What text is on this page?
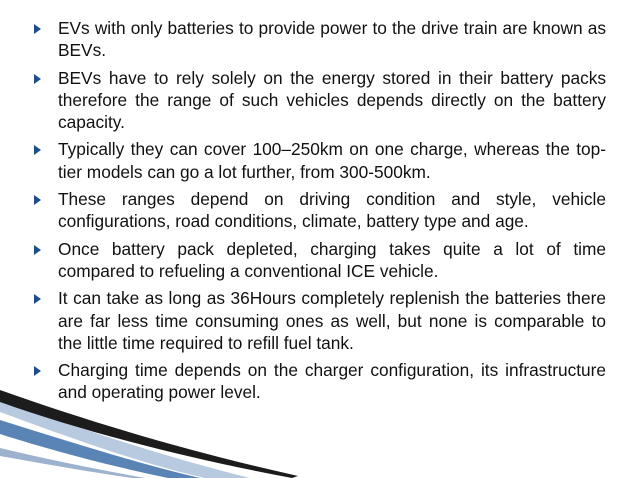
EVs with only batteries to provide power to the drive train are known as BEVs.
BEVs have to rely solely on the energy stored in their battery packs therefore the range of such vehicles depends directly on the battery capacity.
Typically they can cover 100–250km on one charge, whereas the top-tier models can go a lot further, from 300-500km.
These ranges depend on driving condition and style, vehicle configurations, road conditions, climate, battery type and age.
Once battery pack depleted, charging takes quite a lot of time compared to refueling a conventional ICE vehicle.
It can take as long as 36Hours completely replenish the batteries there are far less time consuming ones as well, but none is comparable to the little time required to refill fuel tank.
Charging time depends on the charger configuration, its infrastructure and operating power level.
